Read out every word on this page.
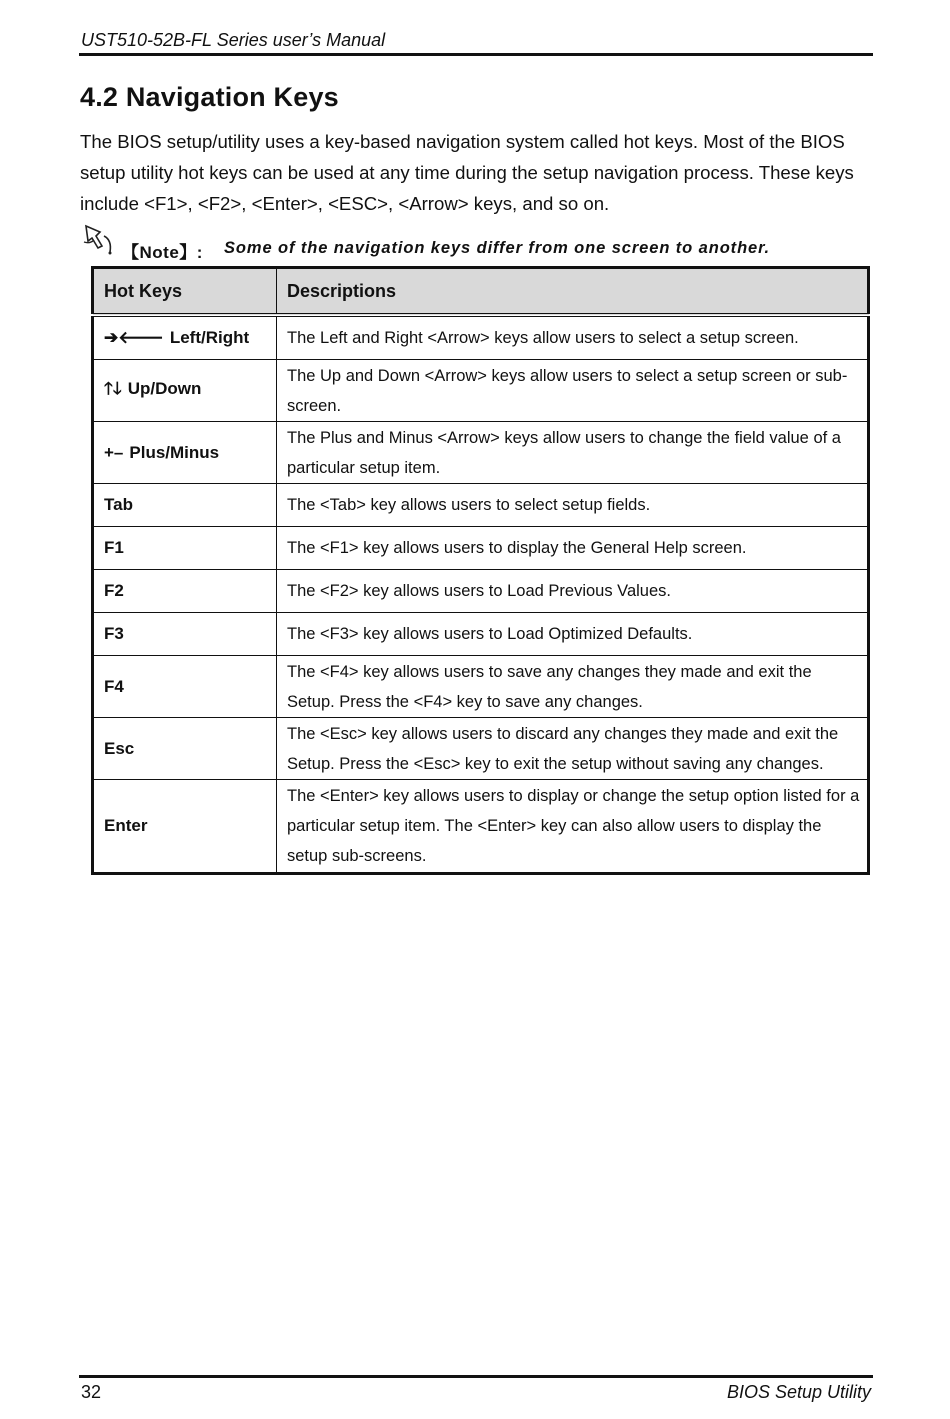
UST510-52B-FL Series user’s Manual
4.2 Navigation Keys
The BIOS setup/utility uses a key-based navigation system called hot keys. Most of the BIOS setup utility hot keys can be used at any time during the setup navigation process. These keys include <F1>, <F2>, <Enter>, <ESC>, <Arrow> keys, and so on.
【Note】: Some of the navigation keys differ from one screen to another.
Hot Keys	Descriptions
➔🡐 Left/Right	The Left and Right <Arrow> keys allow users to select a setup screen.
🡑🡓 Up/Down	The Up and Down <Arrow> keys allow users to select a setup screen or sub-screen.
+– Plus/Minus	The Plus and Minus <Arrow> keys allow users to change the field value of a particular setup item.
Tab	The <Tab> key allows users to select setup fields.
F1	The <F1> key allows users to display the General Help screen.
F2	The <F2> key allows users to Load Previous Values.
F3	The <F3> key allows users to Load Optimized Defaults.
F4	The <F4> key allows users to save any changes they made and exit the Setup. Press the <F4> key to save any changes.
Esc	The <Esc> key allows users to discard any changes they made and exit the Setup. Press the <Esc> key to exit the setup without saving any changes.
Enter	The <Enter> key allows users to display or change the setup option listed for a particular setup item. The <Enter> key can also allow users to display the setup sub-screens.
32	BIOS Setup Utility
